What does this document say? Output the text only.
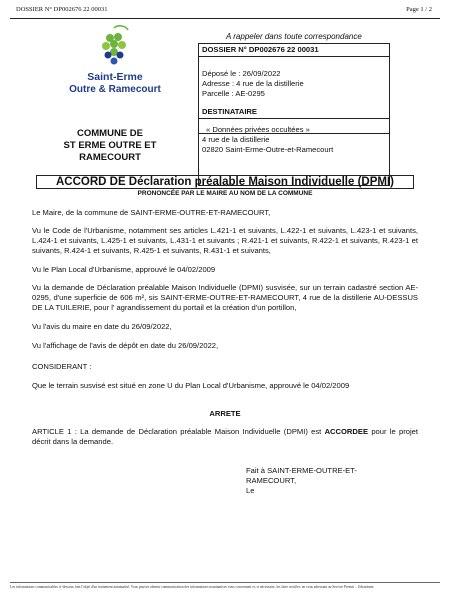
DOSSIER N° DP002676 22 00031	Page 1 / 2
Saint-Erme
Outre & Ramecourt
COMMUNE DE
ST ERME OUTRE ET
RAMECOURT
A rappeler dans toute correspondance
DOSSIER N° DP002676 22 00031
Déposé le : 26/09/2022
Adresse : 4 rue de la distillerie
Parcelle : AE-0295
DESTINATAIRE
« Données privées occultées »
4 rue de la distillerie
02820 Saint-Erme-Outre-et-Ramecourt
ACCORD DE Déclaration préalable Maison Individuelle (DPMI)
PRONONCÉE PAR LE MAIRE AU NOM DE LA COMMUNE
Le Maire, de la commune de SAINT-ERME-OUTRE-ET-RAMECOURT,
Vu le Code de l'Urbanisme, notamment ses articles L.421-1 et suivants, L.422-1 et suivants, L.423-1 et suivants, L.424-1 et suivants, L.425-1 et suivants, L.431-1 et suivants ; R.421-1 et suivants, R.422-1 et suivants, R.423-1 et suivants, R.424-1 et suivants, R.425-1 et suivants, R.431-1 et suivants,
Vu le Plan Local d'Urbanisme, approuvé le 04/02/2009
Vu la demande de Déclaration préalable Maison Individuelle (DPMI) susvisée, sur un terrain cadastré section AE-0295, d'une superficie de 606 m², sis SAINT-ERME-OUTRE-ET-RAMECOURT, 4 rue de la distillerie AU-DESSUS DE LA TUILERIE, pour l' agrandissement du portail et la création d'un portillon,
Vu l'avis du maire en date du 26/09/2022,
Vu l'affichage de l'avis de dépôt en date du 26/09/2022,
CONSIDERANT :
Que le terrain susvisé est situé en zone U du Plan Local d'Urbanisme, approuvé le 04/02/2009
ARRETE
ARTICLE 1 : La demande de Déclaration préalable Maison Individuelle (DPMI) est ACCORDEE pour le projet décrit dans la demande.
Fait à SAINT-ERME-OUTRE-ET-
RAMECOURT,
Le
Les informations communicables ci-dessous font l'objet d'un traitement automatisé. Vous pouvez obtenir communication des informations nominatives vous concernant et, si nécessaire, les faire rectifier, en vous adressant au Service Permis – Urbanisme.
